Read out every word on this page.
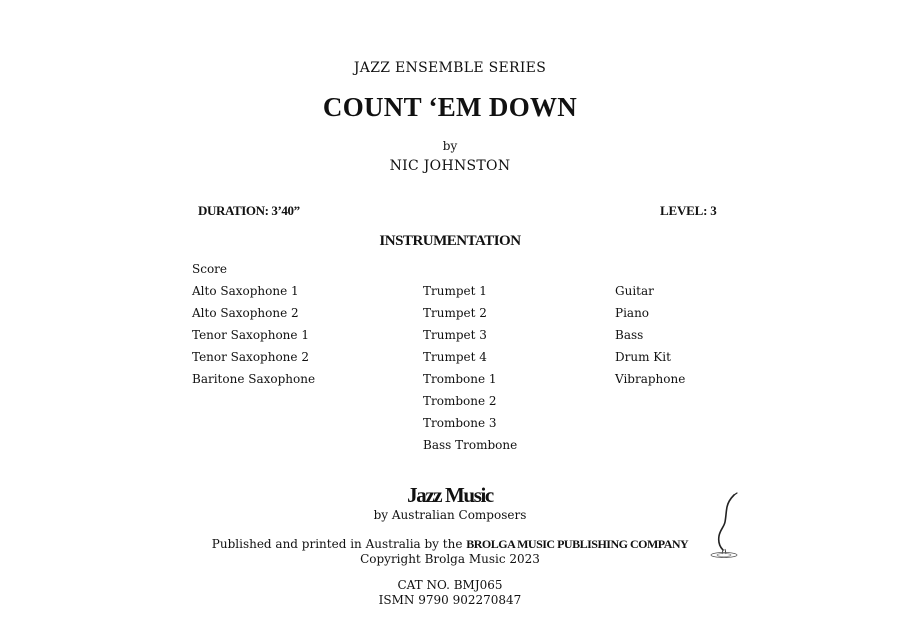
JAZZ ENSEMBLE SERIES
COUNT ‘EM DOWN
by
NIC JOHNSTON
DURATION: 3’40”	LEVEL: 3
INSTRUMENTATION
Score
Alto Saxophone 1
Alto Saxophone 2
Tenor Saxophone 1
Tenor Saxophone 2
Baritone Saxophone
Trumpet 1
Trumpet 2
Trumpet 3
Trumpet 4
Trombone 1
Trombone 2
Trombone 3
Bass Trombone
Guitar
Piano
Bass
Drum Kit
Vibraphone
Jazz Music
by Australian Composers
Published and printed in Australia by the BROLGA MUSIC PUBLISHING COMPANY
Copyright Brolga Music 2023
CAT NO. BMJ065
ISMN 9790 902270847
